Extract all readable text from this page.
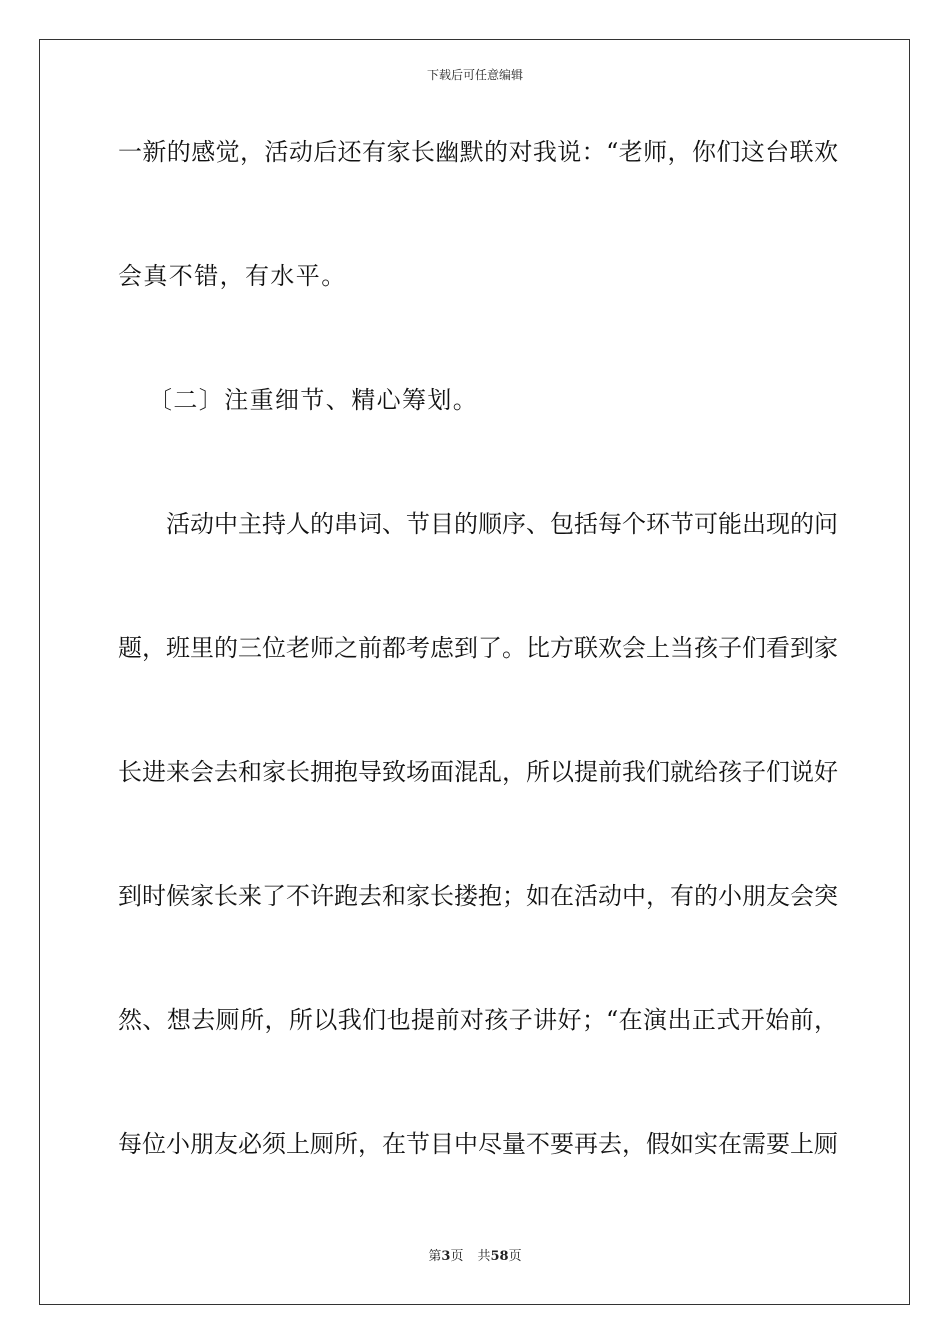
下载后可任意编辑
一新的感觉，活动后还有家长幽默的对我说：“老师，你们这台联欢
会真不错，有水平。
〔二〕注重细节、精心筹划。
活动中主持人的串词、节目的顺序、包括每个环节可能出现的问
题，班里的三位老师之前都考虑到了。比方联欢会上当孩子们看到家
长进来会去和家长拥抱导致场面混乱，所以提前我们就给孩子们说好
到时候家长来了不许跑去和家长搂抱；如在活动中，有的小朋友会突
然、想去厕所，所以我们也提前对孩子讲好；“在演出正式开始前，
每位小朋友必须上厕所，在节目中尽量不要再去，假如实在需要上厕
第3页 共58页
